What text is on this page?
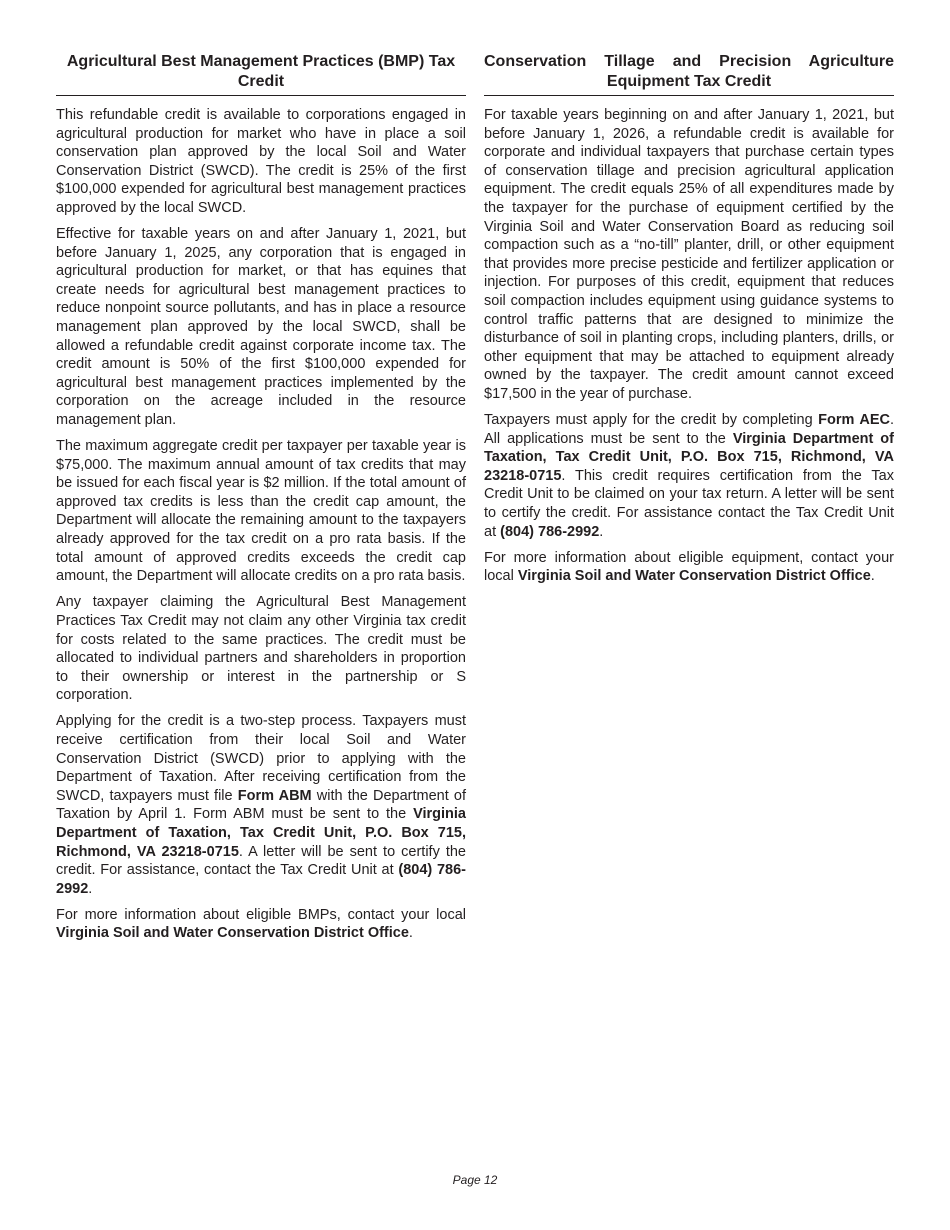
Agricultural Best Management Practices (BMP) Tax Credit

This refundable credit is available to corporations engaged in agricultural production for market who have in place a soil conservation plan approved by the local Soil and Water Conservation District (SWCD). The credit is 25% of the first $100,000 expended for agricultural best management practices approved by the local SWCD.

Effective for taxable years on and after January 1, 2021, but before January 1, 2025, any corporation that is engaged in agricultural production for market, or that has equines that create needs for agricultural best management practices to reduce nonpoint source pollutants, and has in place a resource management plan approved by the local SWCD, shall be allowed a refundable credit against corporate income tax. The credit amount is 50% of the first $100,000 expended for agricultural best management practices implemented by the corporation on the acreage included in the resource management plan.

The maximum aggregate credit per taxpayer per taxable year is $75,000. The maximum annual amount of tax credits that may be issued for each fiscal year is $2 million. If the total amount of approved tax credits is less than the credit cap amount, the Department will allocate the remaining amount to the taxpayers already approved for the tax credit on a pro rata basis. If the total amount of approved credits exceeds the credit cap amount, the Department will allocate credits on a pro rata basis.

Any taxpayer claiming the Agricultural Best Management Practices Tax Credit may not claim any other Virginia tax credit for costs related to the same practices. The credit must be allocated to individual partners and shareholders in proportion to their ownership or interest in the partnership or S corporation.

Applying for the credit is a two-step process. Taxpayers must receive certification from their local Soil and Water Conservation District (SWCD) prior to applying with the Department of Taxation. After receiving certification from the SWCD, taxpayers must file Form ABM with the Department of Taxation by April 1. Form ABM must be sent to the Virginia Department of Taxation, Tax Credit Unit, P.O. Box 715, Richmond, VA 23218-0715. A letter will be sent to certify the credit. For assistance, contact the Tax Credit Unit at (804) 786-2992.

For more information about eligible BMPs, contact your local Virginia Soil and Water Conservation District Office.

Conservation Tillage and Precision Agriculture Equipment Tax Credit

For taxable years beginning on and after January 1, 2021, but before January 1, 2026, a refundable credit is available for corporate and individual taxpayers that purchase certain types of conservation tillage and precision agricultural application equipment. The credit equals 25% of all expenditures made by the taxpayer for the purchase of equipment certified by the Virginia Soil and Water Conservation Board as reducing soil compaction such as a “no-till” planter, drill, or other equipment that provides more precise pesticide and fertilizer application or injection. For purposes of this credit, equipment that reduces soil compaction includes equipment using guidance systems to control traffic patterns that are designed to minimize the disturbance of soil in planting crops, including planters, drills, or other equipment that may be attached to equipment already owned by the taxpayer. The credit amount cannot exceed $17,500 in the year of purchase.

Taxpayers must apply for the credit by completing Form AEC. All applications must be sent to the Virginia Department of Taxation, Tax Credit Unit, P.O. Box 715, Richmond, VA 23218-0715. This credit requires certification from the Tax Credit Unit to be claimed on your tax return. A letter will be sent to certify the credit. For assistance contact the Tax Credit Unit at (804) 786-2992.

For more information about eligible equipment, contact your local Virginia Soil and Water Conservation District Office.

Page 12
